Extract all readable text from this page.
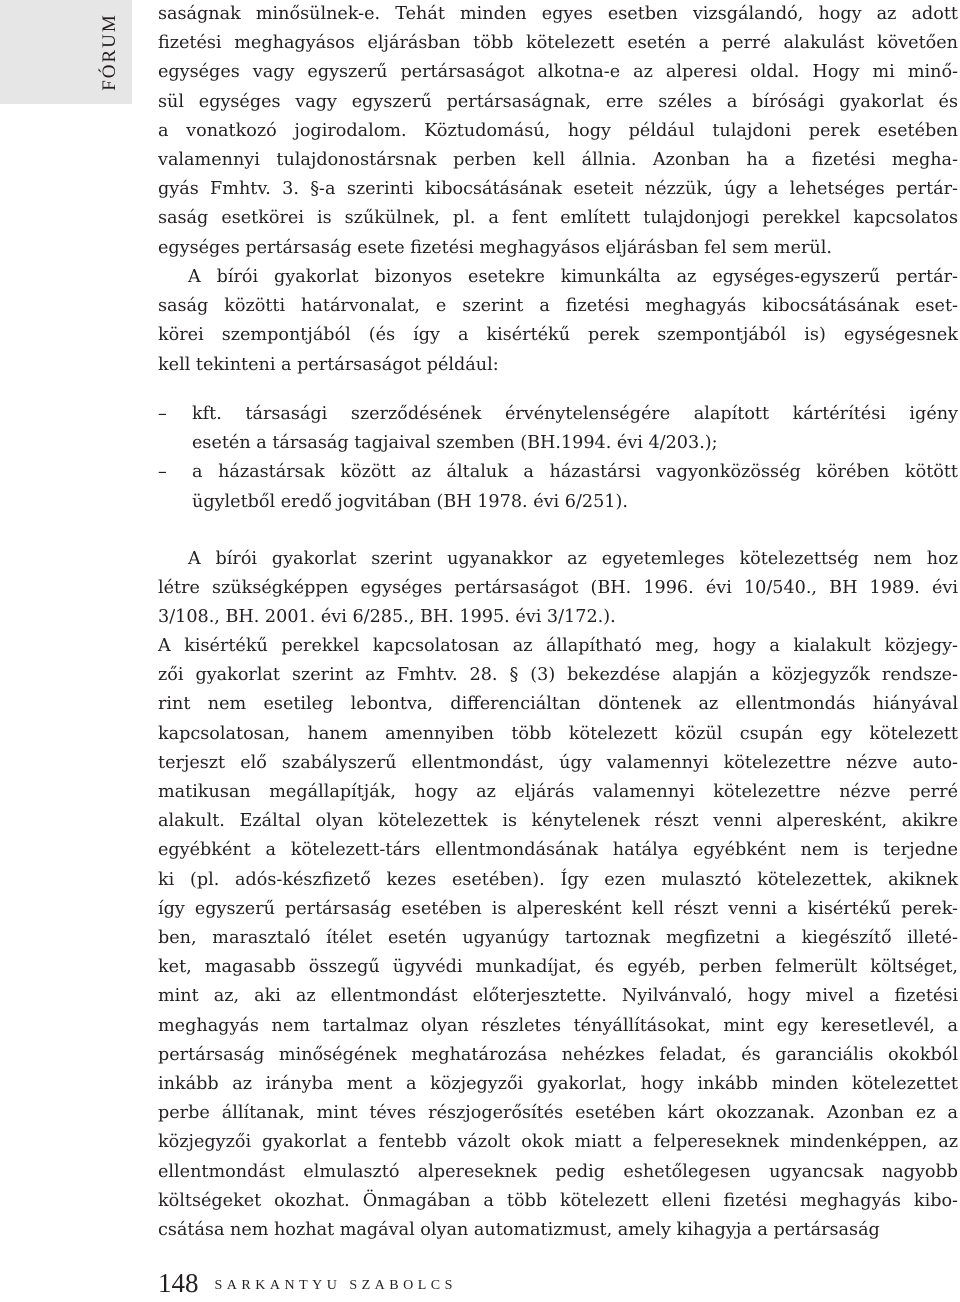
FÓRUM saságnak minősülnek-e. Tehát minden egyes esetben vizsgálandó, hogy az adott
fizetési meghagyásos eljárásban több kötelezett esetén a perré alakulást követően
egységes vagy egyszerű pertársaságot alkotna-e az alperesi oldal. Hogy mi minő-
sül egységes vagy egyszerű pertársaságnak, erre széles a bírósági gyakorlat és
a vonatkozó jogirodalom. Köztudomású, hogy például tulajdoni perek esetében
valamennyi tulajdonostársnak perben kell állnia. Azonban ha a fizetési megha-
gyás Fmhtv. 3. §-a szerinti kibocsátásának eseteit nézzük, úgy a lehetséges pertár-
saság esetkörei is szűkülnek, pl. a fent említett tulajdonjogi perekkel kapcsolatos
egységes pertársaság esete fizetési meghagyásos eljárásban fel sem merül.
A bírói gyakorlat bizonyos esetekre kimunkálta az egységes-egyszerű pertár-
saság közötti határvonalat, e szerint a fizetési meghagyás kibocsátásának eset-
körei szempontjából (és így a kisértékű perek szempontjából is) egységesnek
kell tekinteni a pertársaságot például:
– kft. társasági szerződésének érvénytelenségére alapított kártérítési igény
esetén a társaság tagjaival szemben (BH.1994. évi 4/203.);
– a házastársak között az általuk a házastársi vagyonközösség körében kötött
ügyletből eredő jogvitában (BH 1978. évi 6/251).
A bírói gyakorlat szerint ugyanakkor az egyetemleges kötelezettség nem hoz
létre szükségképpen egységes pertársaságot (BH. 1996. évi 10/540., BH 1989. évi
3/108., BH. 2001. évi 6/285., BH. 1995. évi 3/172.).
A kisértékű perekkel kapcsolatosan az állapítható meg, hogy a kialakult közjegy-
zői gyakorlat szerint az Fmhtv. 28. § (3) bekezdése alapján a közjegyzők rendsze-
rint nem esetileg lebontva, differenciáltan döntenek az ellentmondás hiányával
kapcsolatosan, hanem amennyiben több kötelezett közül csupán egy kötelezett
terjeszt elő szabályszerű ellentmondást, úgy valamennyi kötelezettre nézve auto-
matikusan megállapítják, hogy az eljárás valamennyi kötelezettre nézve perré
alakult. Ezáltal olyan kötelezettek is kénytelenek részt venni alperesként, akikre
egyébként a kötelezett-társ ellentmondásának hatálya egyébként nem is terjedne
ki (pl. adós-készfizető kezes esetében). Így ezen mulasztó kötelezettek, akiknek
így egyszerű pertársaság esetében is alperesként kell részt venni a kisértékű perek-
ben, marasztaló ítélet esetén ugyanúgy tartoznak megfizetni a kiegészítő illeté-
ket, magasabb összegű ügyvédi munkadíjat, és egyéb, perben felmerült költséget,
mint az, aki az ellentmondást előterjesztette. Nyilvánvaló, hogy mivel a fizetési
meghagyás nem tartalmaz olyan részletes tényállításokat, mint egy keresetlevél, a
pertársaság minőségének meghatározása nehézkes feladat, és garanciális okokból
inkább az irányba ment a közjegyzői gyakorlat, hogy inkább minden kötelezettet
perbe állítanak, mint téves részjogerősítés esetében kárt okozzanak. Azonban ez a
közjegyzői gyakorlat a fentebb vázolt okok miatt a felpereseknek mindenképpen, az
ellentmondást elmulasztó alpereseknek pedig eshetőlegesen ugyancsak nagyobb
költségeket okozhat. Önmagában a több kötelezett elleni fizetési meghagyás kibo-
csátása nem hozhat magával olyan automatizmust, amely kihagyja a pertársaság
148 SARKANTYU SZABOLCS
